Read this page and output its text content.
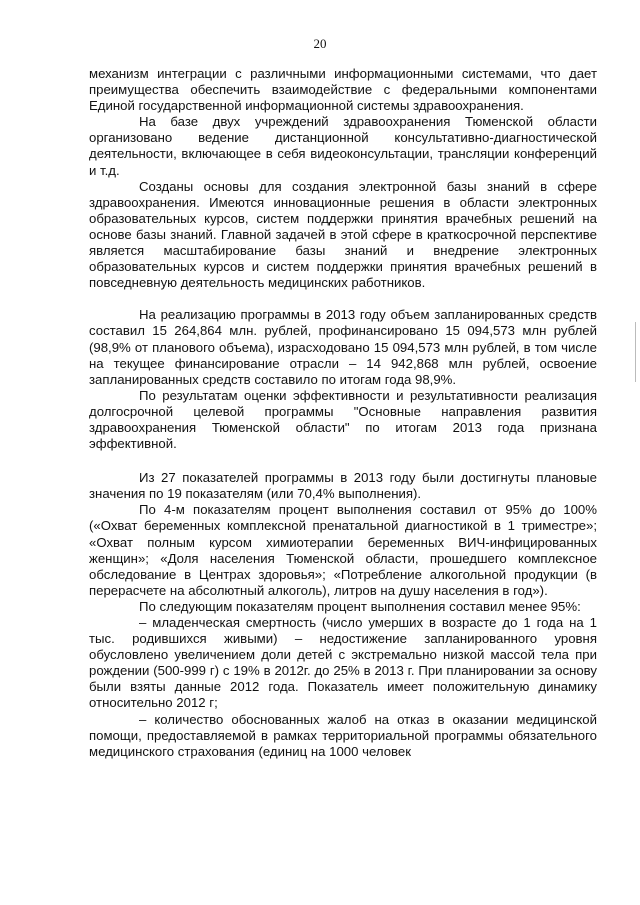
20

механизм интеграции с различными информационными системами, что дает преимущества обеспечить взаимодействие с федеральными компонентами Единой государственной информационной системы здравоохранения.

На базе двух учреждений здравоохранения Тюменской области организовано ведение дистанционной консультативно-диагностической деятельности, включающее в себя видеоконсультации, трансляции конференций и т.д.

Созданы основы для создания электронной базы знаний в сфере здравоохранения. Имеются инновационные решения в области электронных образовательных курсов, систем поддержки принятия врачебных решений на основе базы знаний. Главной задачей в этой сфере в краткосрочной перспективе является масштабирование базы знаний и внедрение электронных образовательных курсов и систем поддержки принятия врачебных решений в повседневную деятельность медицинских работников.

На реализацию программы в 2013 году объем запланированных средств составил 15 264,864 млн. рублей, профинансировано 15 094,573 млн рублей (98,9% от планового объема), израсходовано 15 094,573 млн рублей, в том числе на текущее финансирование отрасли – 14 942,868 млн рублей, освоение запланированных средств составило по итогам года 98,9%.

По результатам оценки эффективности и результативности реализация долгосрочной целевой программы "Основные направления развития здравоохранения Тюменской области" по итогам 2013 года признана эффективной.

Из 27 показателей программы в 2013 году были достигнуты плановые значения по 19 показателям (или 70,4% выполнения).

По 4-м показателям процент выполнения составил от 95% до 100% («Охват беременных комплексной пренатальной диагностикой в 1 триместре»; «Охват полным курсом химиотерапии беременных ВИЧ-инфицированных женщин»; «Доля населения Тюменской области, прошедшего комплексное обследование в Центрах здоровья»; «Потребление алкогольной продукции (в перерасчете на абсолютный алкоголь), литров на душу населения в год»).

По следующим показателям процент выполнения составил менее 95%:

– младенческая смертность (число умерших в возрасте до 1 года на 1 тыс. родившихся живыми) – недостижение запланированного уровня обусловлено увеличением доли детей с экстремально низкой массой тела при рождении (500-999 г) с 19% в 2012г. до 25% в 2013 г. При планировании за основу были взяты данные 2012 года. Показатель имеет положительную динамику относительно 2012 г;

– количество обоснованных жалоб на отказ в оказании медицинской помощи, предоставляемой в рамках территориальной программы обязательного медицинского страхования (единиц на 1000 человек
